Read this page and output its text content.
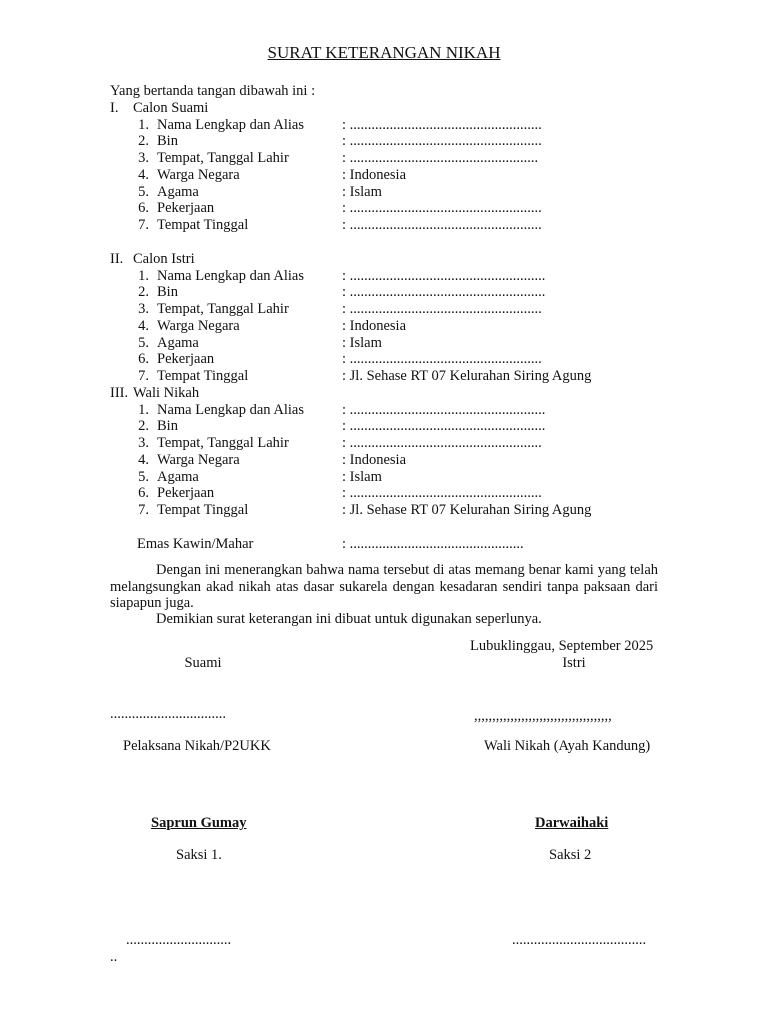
SURAT KETERANGAN NIKAH
Yang bertanda tangan dibawah ini :
I. Calon Suami
1. Nama Lengkap dan Alias	: .....................................................
2. Bin	: .....................................................
3. Tempat, Tanggal Lahir	: ....................................................
4. Warga Negara	: Indonesia
5. Agama	: Islam
6. Pekerjaan	: .....................................................
7. Tempat Tinggal	: .....................................................
II. Calon Istri
1. Nama Lengkap dan Alias	: ......................................................
2. Bin	: ......................................................
3. Tempat, Tanggal Lahir	: .....................................................
4. Warga Negara	: Indonesia
5. Agama	: Islam
6. Pekerjaan	: .....................................................
7. Tempat Tinggal	: Jl. Sehase RT 07 Kelurahan Siring Agung
III. Wali Nikah
1. Nama Lengkap dan Alias	: ......................................................
2. Bin	: ......................................................
3. Tempat, Tanggal Lahir	: .....................................................
4. Warga Negara	: Indonesia
5. Agama	: Islam
6. Pekerjaan	: .....................................................
7. Tempat Tinggal	: Jl. Sehase RT 07 Kelurahan Siring Agung
Emas Kawin/Mahar	: ................................................
Dengan ini menerangkan bahwa nama tersebut di atas memang benar kami yang telah melangsungkan akad nikah atas dasar sukarela dengan kesadaran sendiri tanpa paksaan dari siapapun juga.
Demikian surat keterangan ini dibuat untuk digunakan seperlunya.
Lubuklinggau, September 2025
Suami	Istri
................................	,,,,,,,,,,,,,,,,,,,,,,,,,,,,,,,,,,,,,,
Pelaksana Nikah/P2UKK	Wali Nikah (Ayah Kandung)
Saprun Gumay	Darwaihaki
Saksi 1.	Saksi 2
.............................	.....................................
..
